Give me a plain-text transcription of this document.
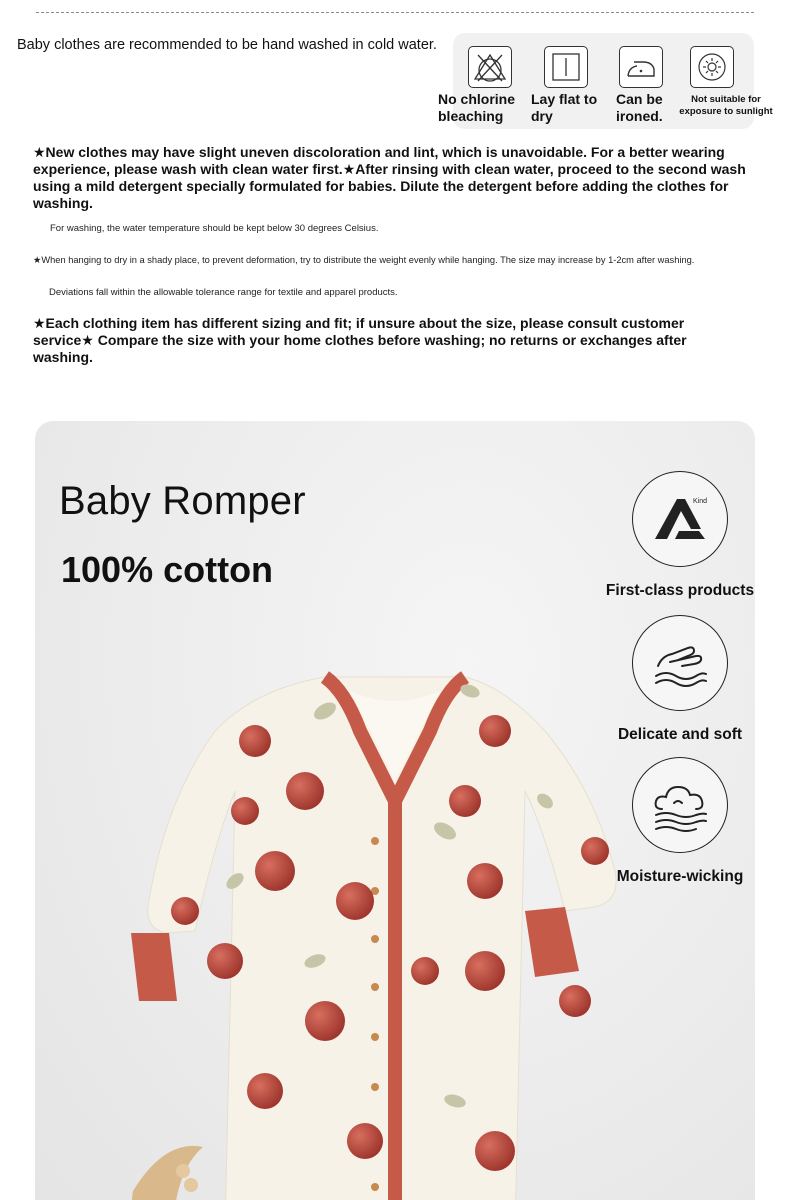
Baby clothes are recommended to be hand washed in cold water.
No chlorine bleaching
Lay flat to dry
Can be ironed.
Not suitable for exposure to sunlight
★New clothes may have slight uneven discoloration and lint, which is unavoidable. For a better wearing experience, please wash with clean water first.★After rinsing with clean water, proceed to the second wash using a mild detergent specially formulated for babies. Dilute the detergent before adding the clothes for washing.
For washing, the water temperature should be kept below 30 degrees Celsius.
★When hanging to dry in a shady place, to prevent deformation, try to distribute the weight evenly while hanging. The size may increase by 1-2cm after washing.
Deviations fall within the allowable tolerance range for textile and apparel products.
★Each clothing item has different sizing and fit; if unsure about the size, please consult customer service★ Compare the size with your home clothes before washing; no returns or exchanges after washing.
Baby Romper
100% cotton
Kind
First-class products
Delicate and soft
Moisture-wicking
